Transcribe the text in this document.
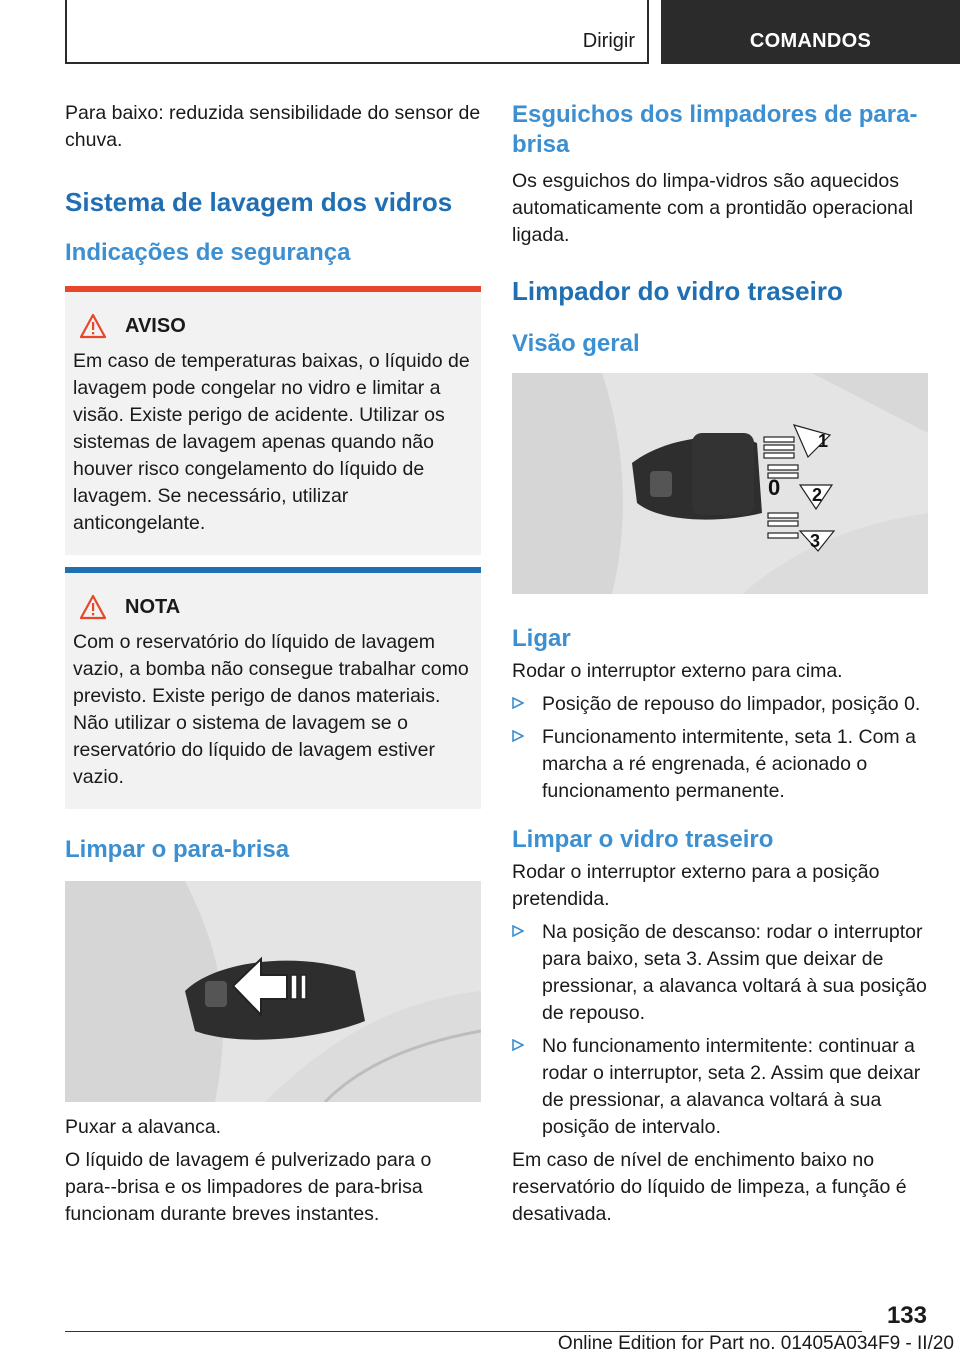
Dirigir	COMANDOS

Para baixo: reduzida sensibilidade do sensor de chuva.

Sistema de lavagem dos vidros
Indicações de segurança
AVISO

Em caso de temperaturas baixas, o líquido de lavagem pode congelar no vidro e limitar a visão. Existe perigo de acidente. Utilizar os sistemas de lavagem apenas quando não houver risco congelamento do líquido de lavagem. Se necessário, utilizar anticongelante.

NOTA

Com o reservatório do líquido de lavagem vazio, a bomba não consegue trabalhar como previsto. Existe perigo de danos materiais. Não utilizar o sistema de lavagem se o reservatório do líquido de lavagem estiver vazio.

Limpar o para-brisa

Puxar a alavanca.

O líquido de lavagem é pulverizado para o para--brisa e os limpadores de para-brisa funcionam durante breves instantes.

Esguichos dos limpadores de para-brisa

Os esguichos do limpa-vidros são aquecidos automaticamente com a prontidão operacional ligada.

Limpador do vidro traseiro
Visão geral
1
0 2
3
Ligar

Rodar o interruptor externo para cima.

Posição de repouso do limpador, posição 0.
Funcionamento intermitente, seta 1. Com a marcha a ré engrenada, é acionado o funcionamento permanente.
Limpar o vidro traseiro

Rodar o interruptor externo para a posição pretendida.

Na posição de descanso: rodar o interruptor para baixo, seta 3. Assim que deixar de pressionar, a alavanca voltará à sua posição de repouso.
No funcionamento intermitente: continuar a rodar o interruptor, seta 2. Assim que deixar de pressionar, a alavanca voltará à sua posição de intervalo.

Em caso de nível de enchimento baixo no reservatório do líquido de limpeza, a função é desativada.

133
Online Edition for Part no. 01405A034F9 - II/20
